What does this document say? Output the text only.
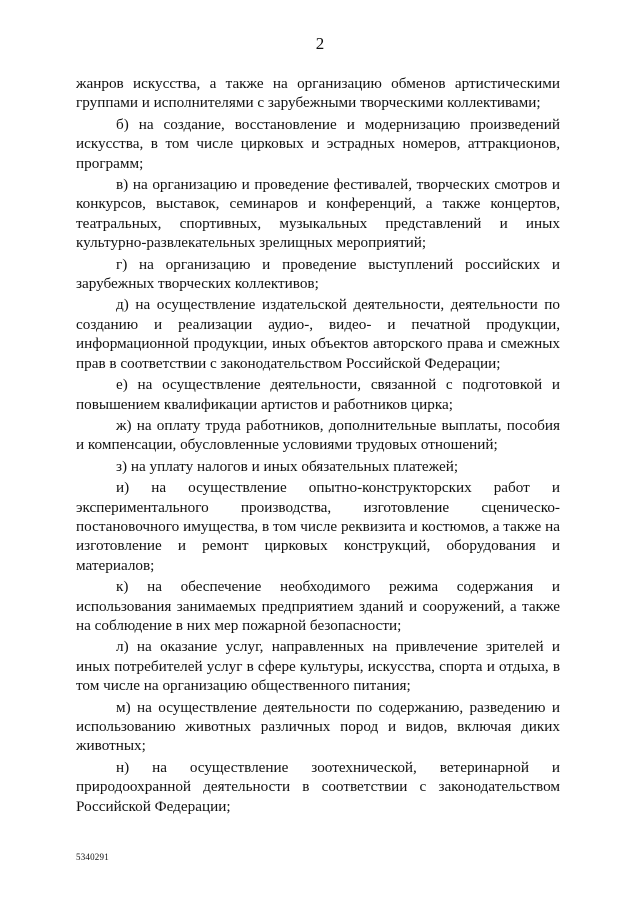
2

жанров искусства, а также на организацию обменов артистическими группами и исполнителями с зарубежными творческими коллективами;

б) на создание, восстановление и модернизацию произведений искусства, в том числе цирковых и эстрадных номеров, аттракционов, программ;

в) на организацию и проведение фестивалей, творческих смотров и конкурсов, выставок, семинаров и конференций, а также концертов, театральных, спортивных, музыкальных представлений и иных культурно-развлекательных зрелищных мероприятий;

г) на организацию и проведение выступлений российских и зарубежных творческих коллективов;

д) на осуществление издательской деятельности, деятельности по созданию и реализации аудио-, видео- и печатной продукции, информационной продукции, иных объектов авторского права и смежных прав в соответствии с законодательством Российской Федерации;

е) на осуществление деятельности, связанной с подготовкой и повышением квалификации артистов и работников цирка;

ж) на оплату труда работников, дополнительные выплаты, пособия и компенсации, обусловленные условиями трудовых отношений;

з) на уплату налогов и иных обязательных платежей;

и) на осуществление опытно-конструкторских работ и экспериментального производства, изготовление сценическо-постановочного имущества, в том числе реквизита и костюмов, а также на изготовление и ремонт цирковых конструкций, оборудования и материалов;

к) на обеспечение необходимого режима содержания и использования занимаемых предприятием зданий и сооружений, а также на соблюдение в них мер пожарной безопасности;

л) на оказание услуг, направленных на привлечение зрителей и иных потребителей услуг в сфере культуры, искусства, спорта и отдыха, в том числе на организацию общественного питания;

м) на осуществление деятельности по содержанию, разведению и использованию животных различных пород и видов, включая диких животных;

н) на осуществление зоотехнической, ветеринарной и природоохранной деятельности в соответствии с законодательством Российской Федерации;

5340291
